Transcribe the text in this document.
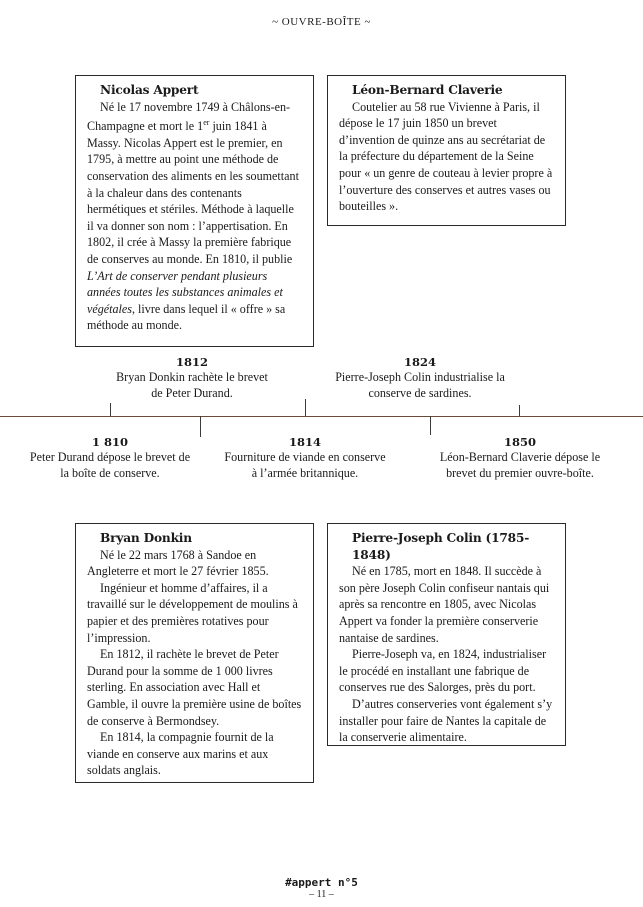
~ OUVRE-BOÎTE ~
Nicolas Appert

Né le 17 novembre 1749 à Châlons-en-Champagne et mort le 1er juin 1841 à Massy. Nicolas Appert est le premier, en 1795, à mettre au point une méthode de conservation des aliments en les soumettant à la chaleur dans des contenants hermétiques et stériles. Méthode à laquelle il va donner son nom : l’appertisation. En 1802, il crée à Massy la première fabrique de conserves au monde. En 1810, il publie L’Art de conserver pendant plusieurs années toutes les substances animales et végétales, livre dans lequel il « offre » sa méthode au monde.

Léon-Bernard Claverie

Coutelier au 58 rue Vivienne à Paris, il dépose le 17 juin 1850 un brevet d’invention de quinze ans au secrétariat de la préfecture du département de la Seine pour « un genre de couteau à levier propre à l’ouverture des conserves et autres vases ou bouteilles ».

1812
Bryan Donkin rachète le brevet
de Peter Durand.
1824
Pierre-Joseph Colin industrialise la
conserve de sardines.
1 810
Peter Durand dépose le brevet de
la boîte de conserve.
1814
Fourniture de viande en conserve
à l’armée britannique.
1850
Léon-Bernard Claverie dépose le
brevet du premier ouvre-boîte.
Bryan Donkin

Né le 22 mars 1768 à Sandoe en Angleterre et mort le 27 février 1855.

Ingénieur et homme d’affaires, il a travaillé sur le développement de moulins à papier et des premières rotatives pour l’impression.

En 1812, il rachète le brevet de Peter Durand pour la somme de 1 000 livres sterling. En association avec Hall et Gamble, il ouvre la première usine de boîtes de conserve à Bermondsey.

En 1814, la compagnie fournit de la viande en conserve aux marins et aux soldats anglais.

Pierre-Joseph Colin (1785-1848)

Né en 1785, mort en 1848. Il succède à son père Joseph Colin confiseur nantais qui après sa rencontre en 1805, avec Nicolas Appert va fonder la première conserverie nantaise de sardines.

Pierre-Joseph va, en 1824, industrialiser le procédé en installant une fabrique de conserves rue des Salorges, près du port.

D’autres conserveries vont également s’y installer pour faire de Nantes la capitale de la conserverie alimentaire.

#appert n°5
– 11 –
